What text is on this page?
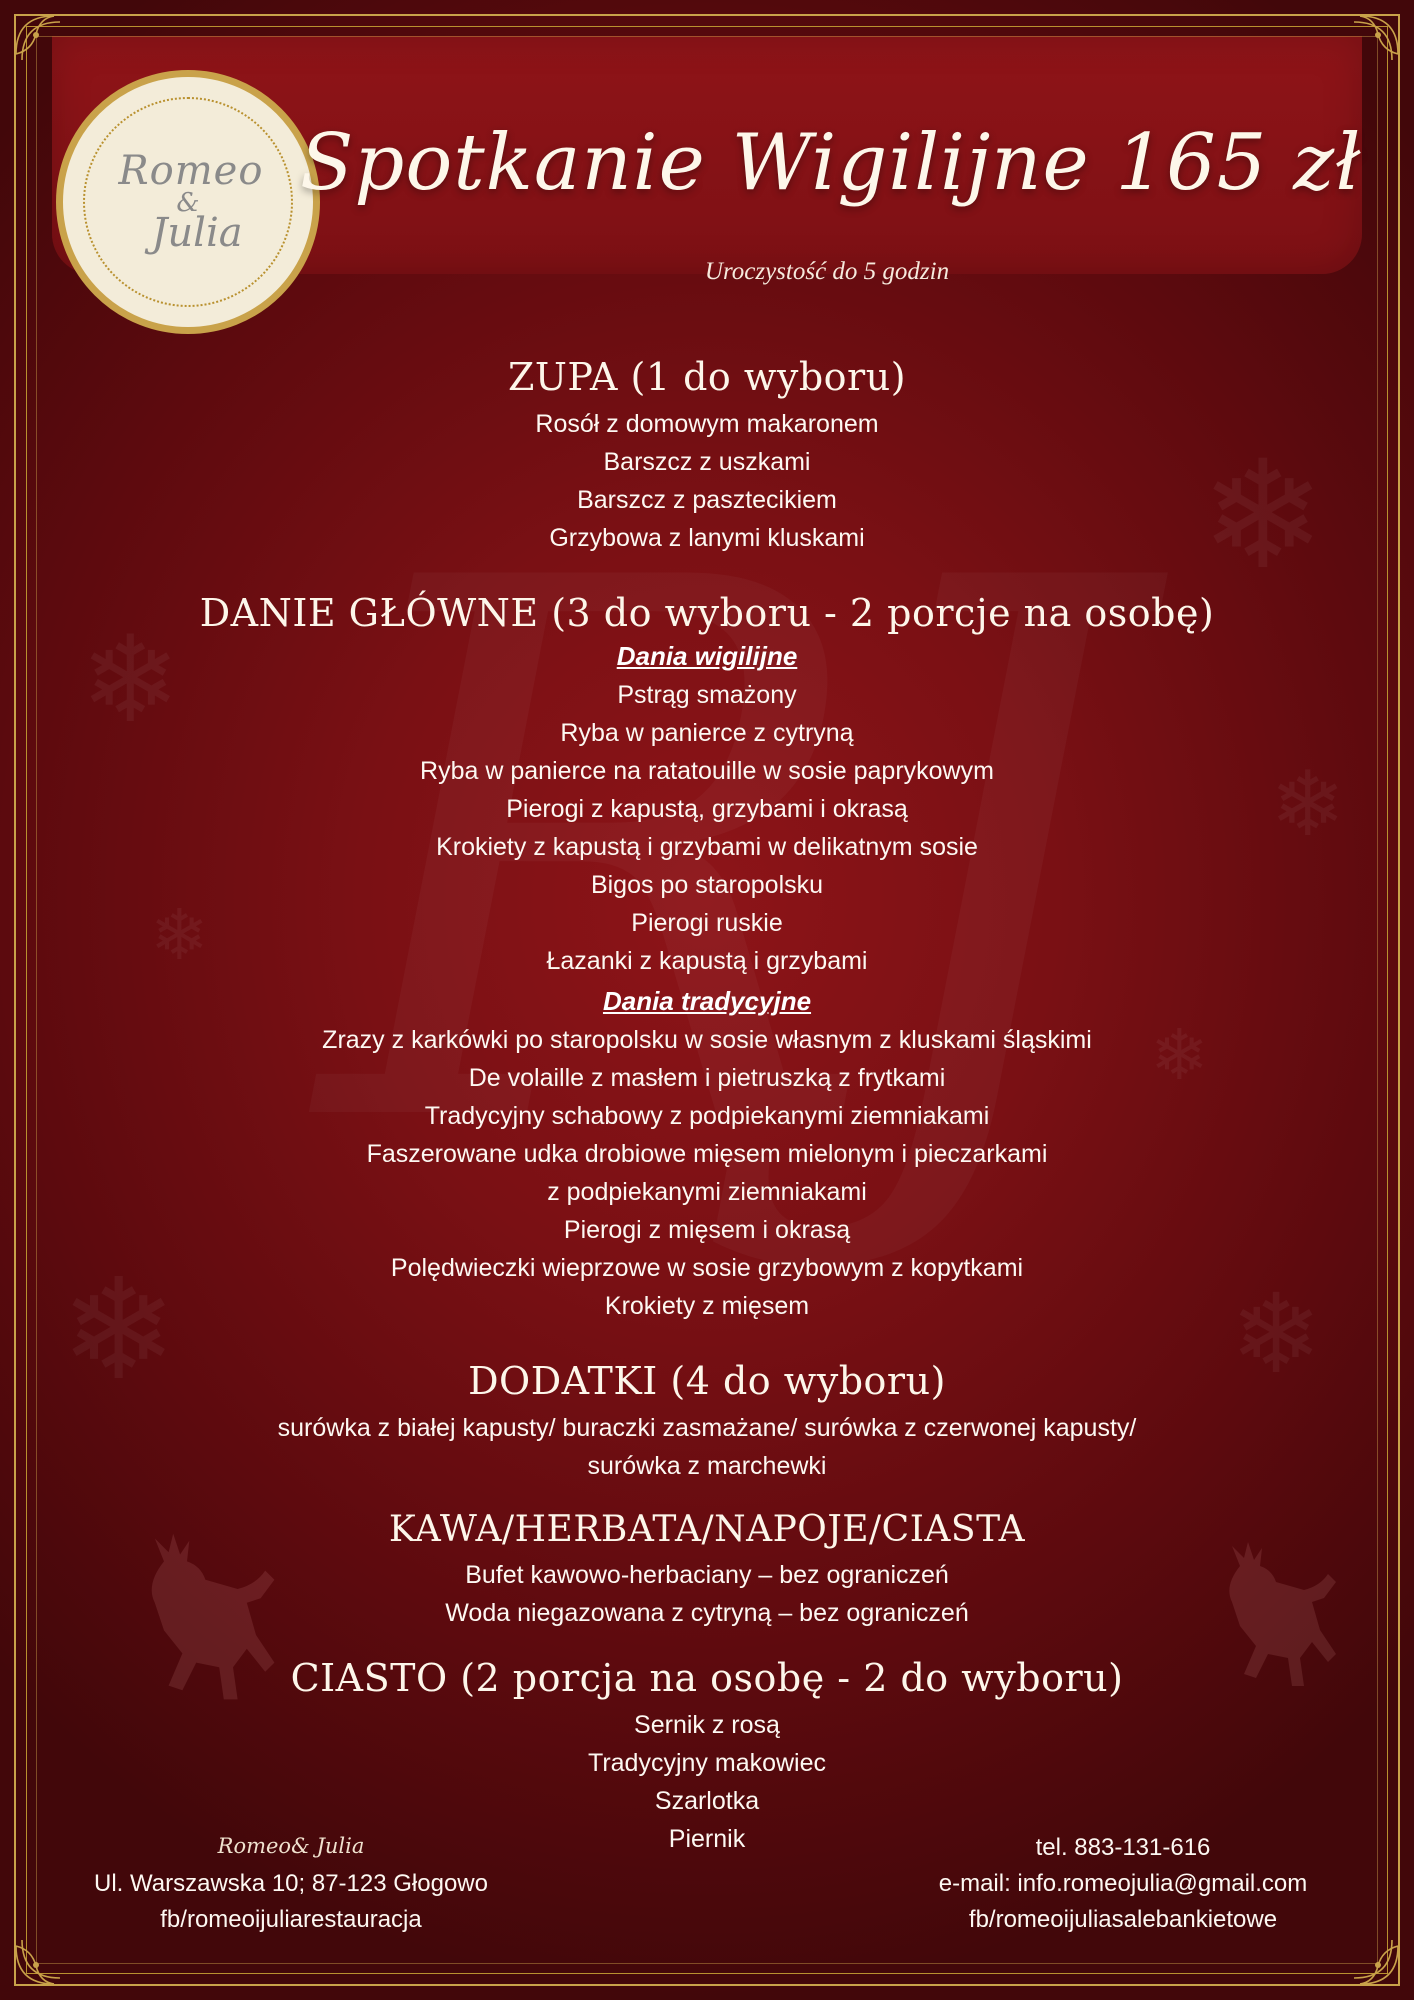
❄
❄
❄
❄	❄
❄
❄
Romeo
&
Julia
Spotkanie Wigilijne 165 zł
Uroczystość do 5 godzin
ZUPA (1 do wyboru)
Rosół z domowym makaronem
Barszcz z uszkami
Barszcz z pasztecikiem
Grzybowa z lanymi kluskami
DANIE GŁÓWNE (3 do wyboru - 2 porcje na osobę)
Dania wigilijne
Pstrąg smażony
Ryba w panierce z cytryną
Ryba w panierce na ratatouille w sosie paprykowym
Pierogi z kapustą, grzybami i okrasą
Krokiety z kapustą i grzybami w delikatnym sosie
Bigos po staropolsku
Pierogi ruskie
Łazanki z kapustą i grzybami
Dania tradycyjne
Zrazy z karkówki po staropolsku w sosie własnym z kluskami śląskimi
De volaille z masłem i pietruszką z frytkami
Tradycyjny schabowy z podpiekanymi ziemniakami
Faszerowane udka drobiowe mięsem mielonym i pieczarkami
z podpiekanymi ziemniakami
Pierogi z mięsem i okrasą
Polędwieczki wieprzowe w sosie grzybowym z kopytkami
Krokiety z mięsem
DODATKI (4 do wyboru)
surówka z białej kapusty/ buraczki zasmażane/ surówka z czerwonej kapusty/
surówka z marchewki
KAWA/HERBATA/NAPOJE/CIASTA
Bufet kawowo-herbaciany – bez ograniczeń
Woda niegazowana z cytryną – bez ograniczeń
CIASTO (2 porcja na osobę - 2 do wyboru)
Sernik z rosą
Tradycyjny makowiec
Szarlotka
Piernik
Romeo& Julia
Ul. Warszawska 10; 87-123 Głogowo
fb/romeoijuliarestauracja
tel. 883-131-616
e-mail: info.romeojulia@gmail.com
fb/romeoijuliasalebankietowe
